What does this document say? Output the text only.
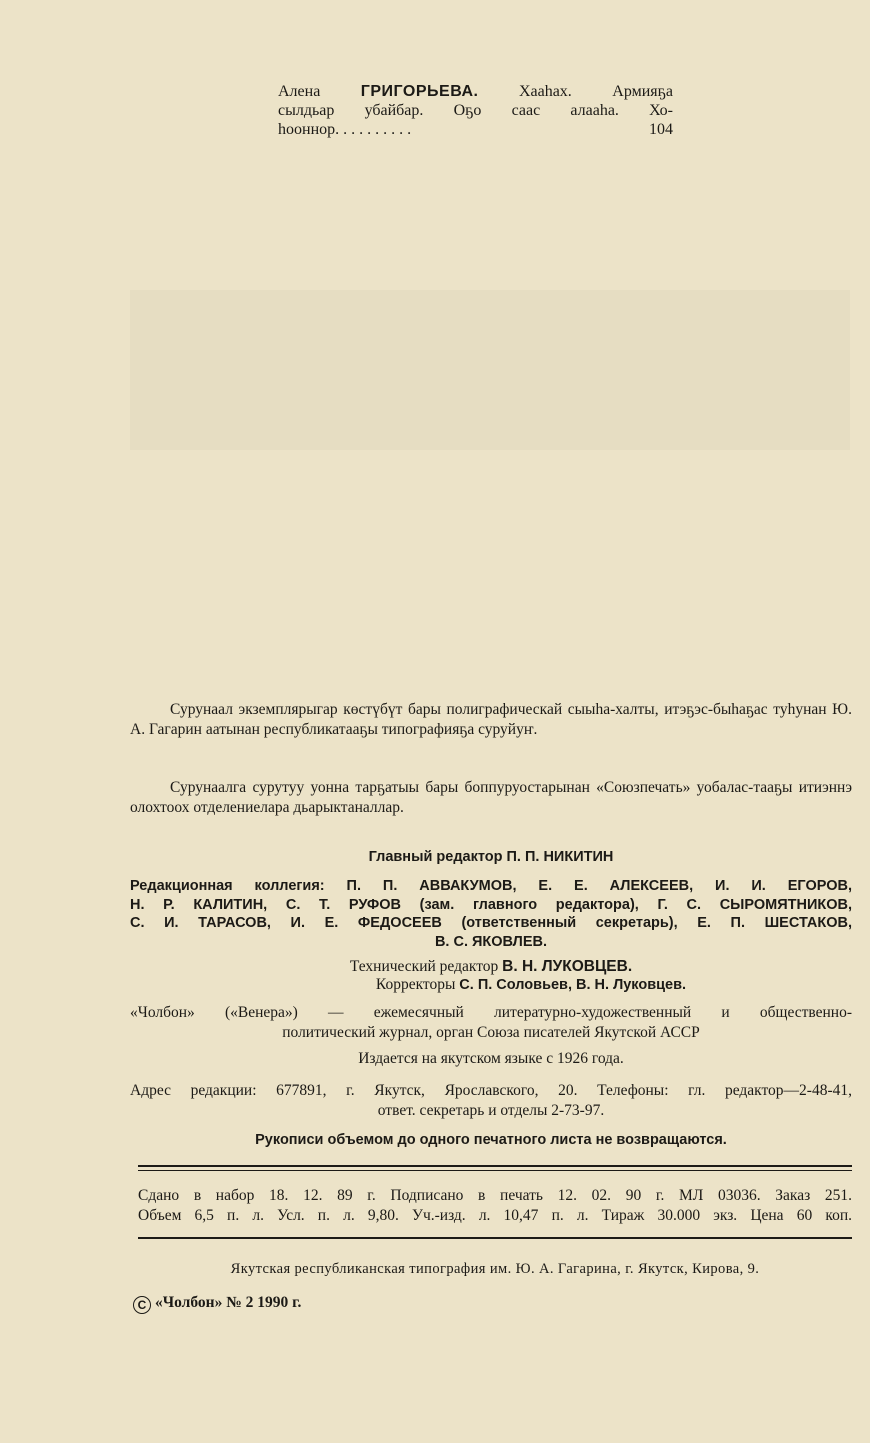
Алена ГРИГОРЬЕВА. Хааһах. Армияҕа
сылдьар убайбар. Оҕо саас алааһа. Хо-
һооннор. . . . . . . . . .	104
Сурунаал экземплярыгар көстүбүт бары полиграфическай сыыһа-халты, итэҕэс-быһаҕас туһунан Ю. А. Гагарин аатынан республикатааҕы типографияҕа суруйуҥ.
Сурунаалга сурутуу уонна тарҕатыы бары боппуруостарынан «Союзпечать» уобалас-тааҕы итиэннэ олохтоох отделениелара дьарыктаналлар.
Главный редактор П. П. НИКИТИН
Редакционная коллегия: П. П. АВВАКУМОВ, Е. Е. АЛЕКСЕЕВ, И. И. ЕГОРОВ,
Н. Р. КАЛИТИН, С. Т. РУФОВ (зам. главного редактора), Г. С. СЫРОМЯТНИКОВ,
С. И. ТАРАСОВ, И. Е. ФЕДОСЕЕВ (ответственный секретарь), Е. П. ШЕСТАКОВ,
В. С. ЯКОВЛЕВ.
Технический редактор В. Н. ЛУКОВЦЕВ.
Корректоры С. П. Соловьев, В. Н. Луковцев.
«Чолбон» («Венера») — ежемесячный литературно-художественный и общественно-
политический журнал, орган Союза писателей Якутской АССР
Издается на якутском языке с 1926 года.
Адрес редакции: 677891, г. Якутск, Ярославского, 20. Телефоны: гл. редактор—2-48-41,
ответ. секретарь и отделы 2-73-97.
Рукописи объемом до одного печатного листа не возвращаются.
Сдано в набор 18. 12. 89 г. Подписано в печать 12. 02. 90 г. МЛ 03036. Заказ 251.
Объем 6,5 п. л. Усл. п. л. 9,80. Уч.-изд. л. 10,47 п. л. Тираж 30.000 экз. Цена 60 коп.
Якутская республиканская типография им. Ю. А. Гагарина, г. Якутск, Кирова, 9.
C «Чолбон» № 2 1990 г.
